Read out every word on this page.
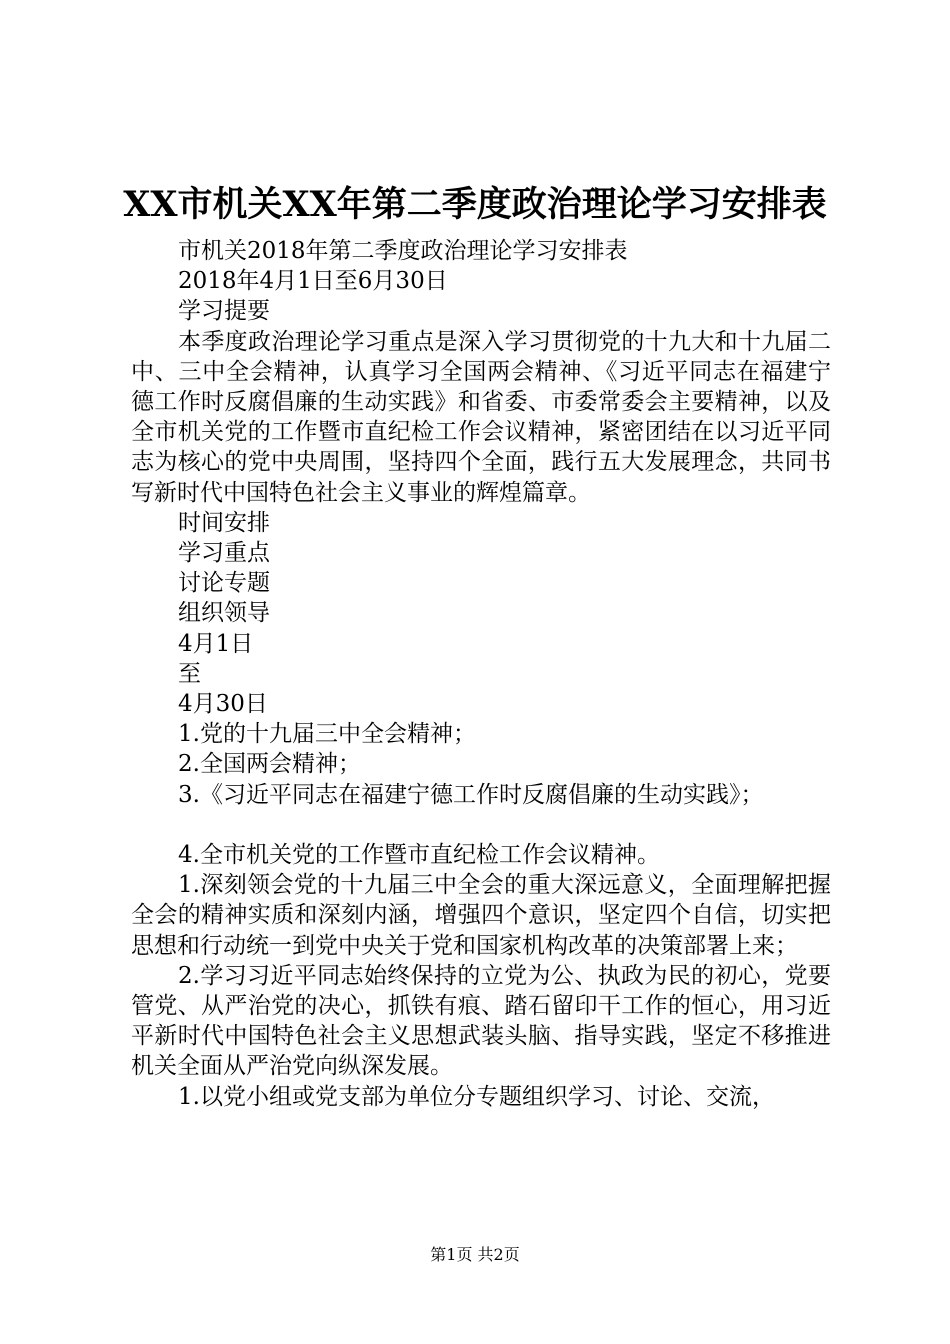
XX市机关XX年第二季度政治理论学习安排表

市机关2018年第二季度政治理论学习安排表

2018年4月1日至6月30日

学习提要

本季度政治理论学习重点是深入学习贯彻党的十九大和十九届二中、三中全会精神，认真学习全国两会精神、《习近平同志在福建宁德工作时反腐倡廉的生动实践》和省委、市委常委会主要精神，以及全市机关党的工作暨市直纪检工作会议精神，紧密团结在以习近平同志为核心的党中央周围，坚持四个全面，践行五大发展理念，共同书写新时代中国特色社会主义事业的辉煌篇章。

时间安排

学习重点

讨论专题

组织领导

4月1日

至

4月30日

1.党的十九届三中全会精神；

2.全国两会精神；

3.《习近平同志在福建宁德工作时反腐倡廉的生动实践》；

4.全市机关党的工作暨市直纪检工作会议精神。

1.深刻领会党的十九届三中全会的重大深远意义，全面理解把握全会的精神实质和深刻内涵，增强四个意识，坚定四个自信，切实把思想和行动统一到党中央关于党和国家机构改革的决策部署上来；

2.学习习近平同志始终保持的立党为公、执政为民的初心，党要管党、从严治党的决心，抓铁有痕、踏石留印干工作的恒心，用习近平新时代中国特色社会主义思想武装头脑、指导实践，坚定不移推进机关全面从严治党向纵深发展。

1.以党小组或党支部为单位分专题组织学习、讨论、交流，

第1页 共2页
